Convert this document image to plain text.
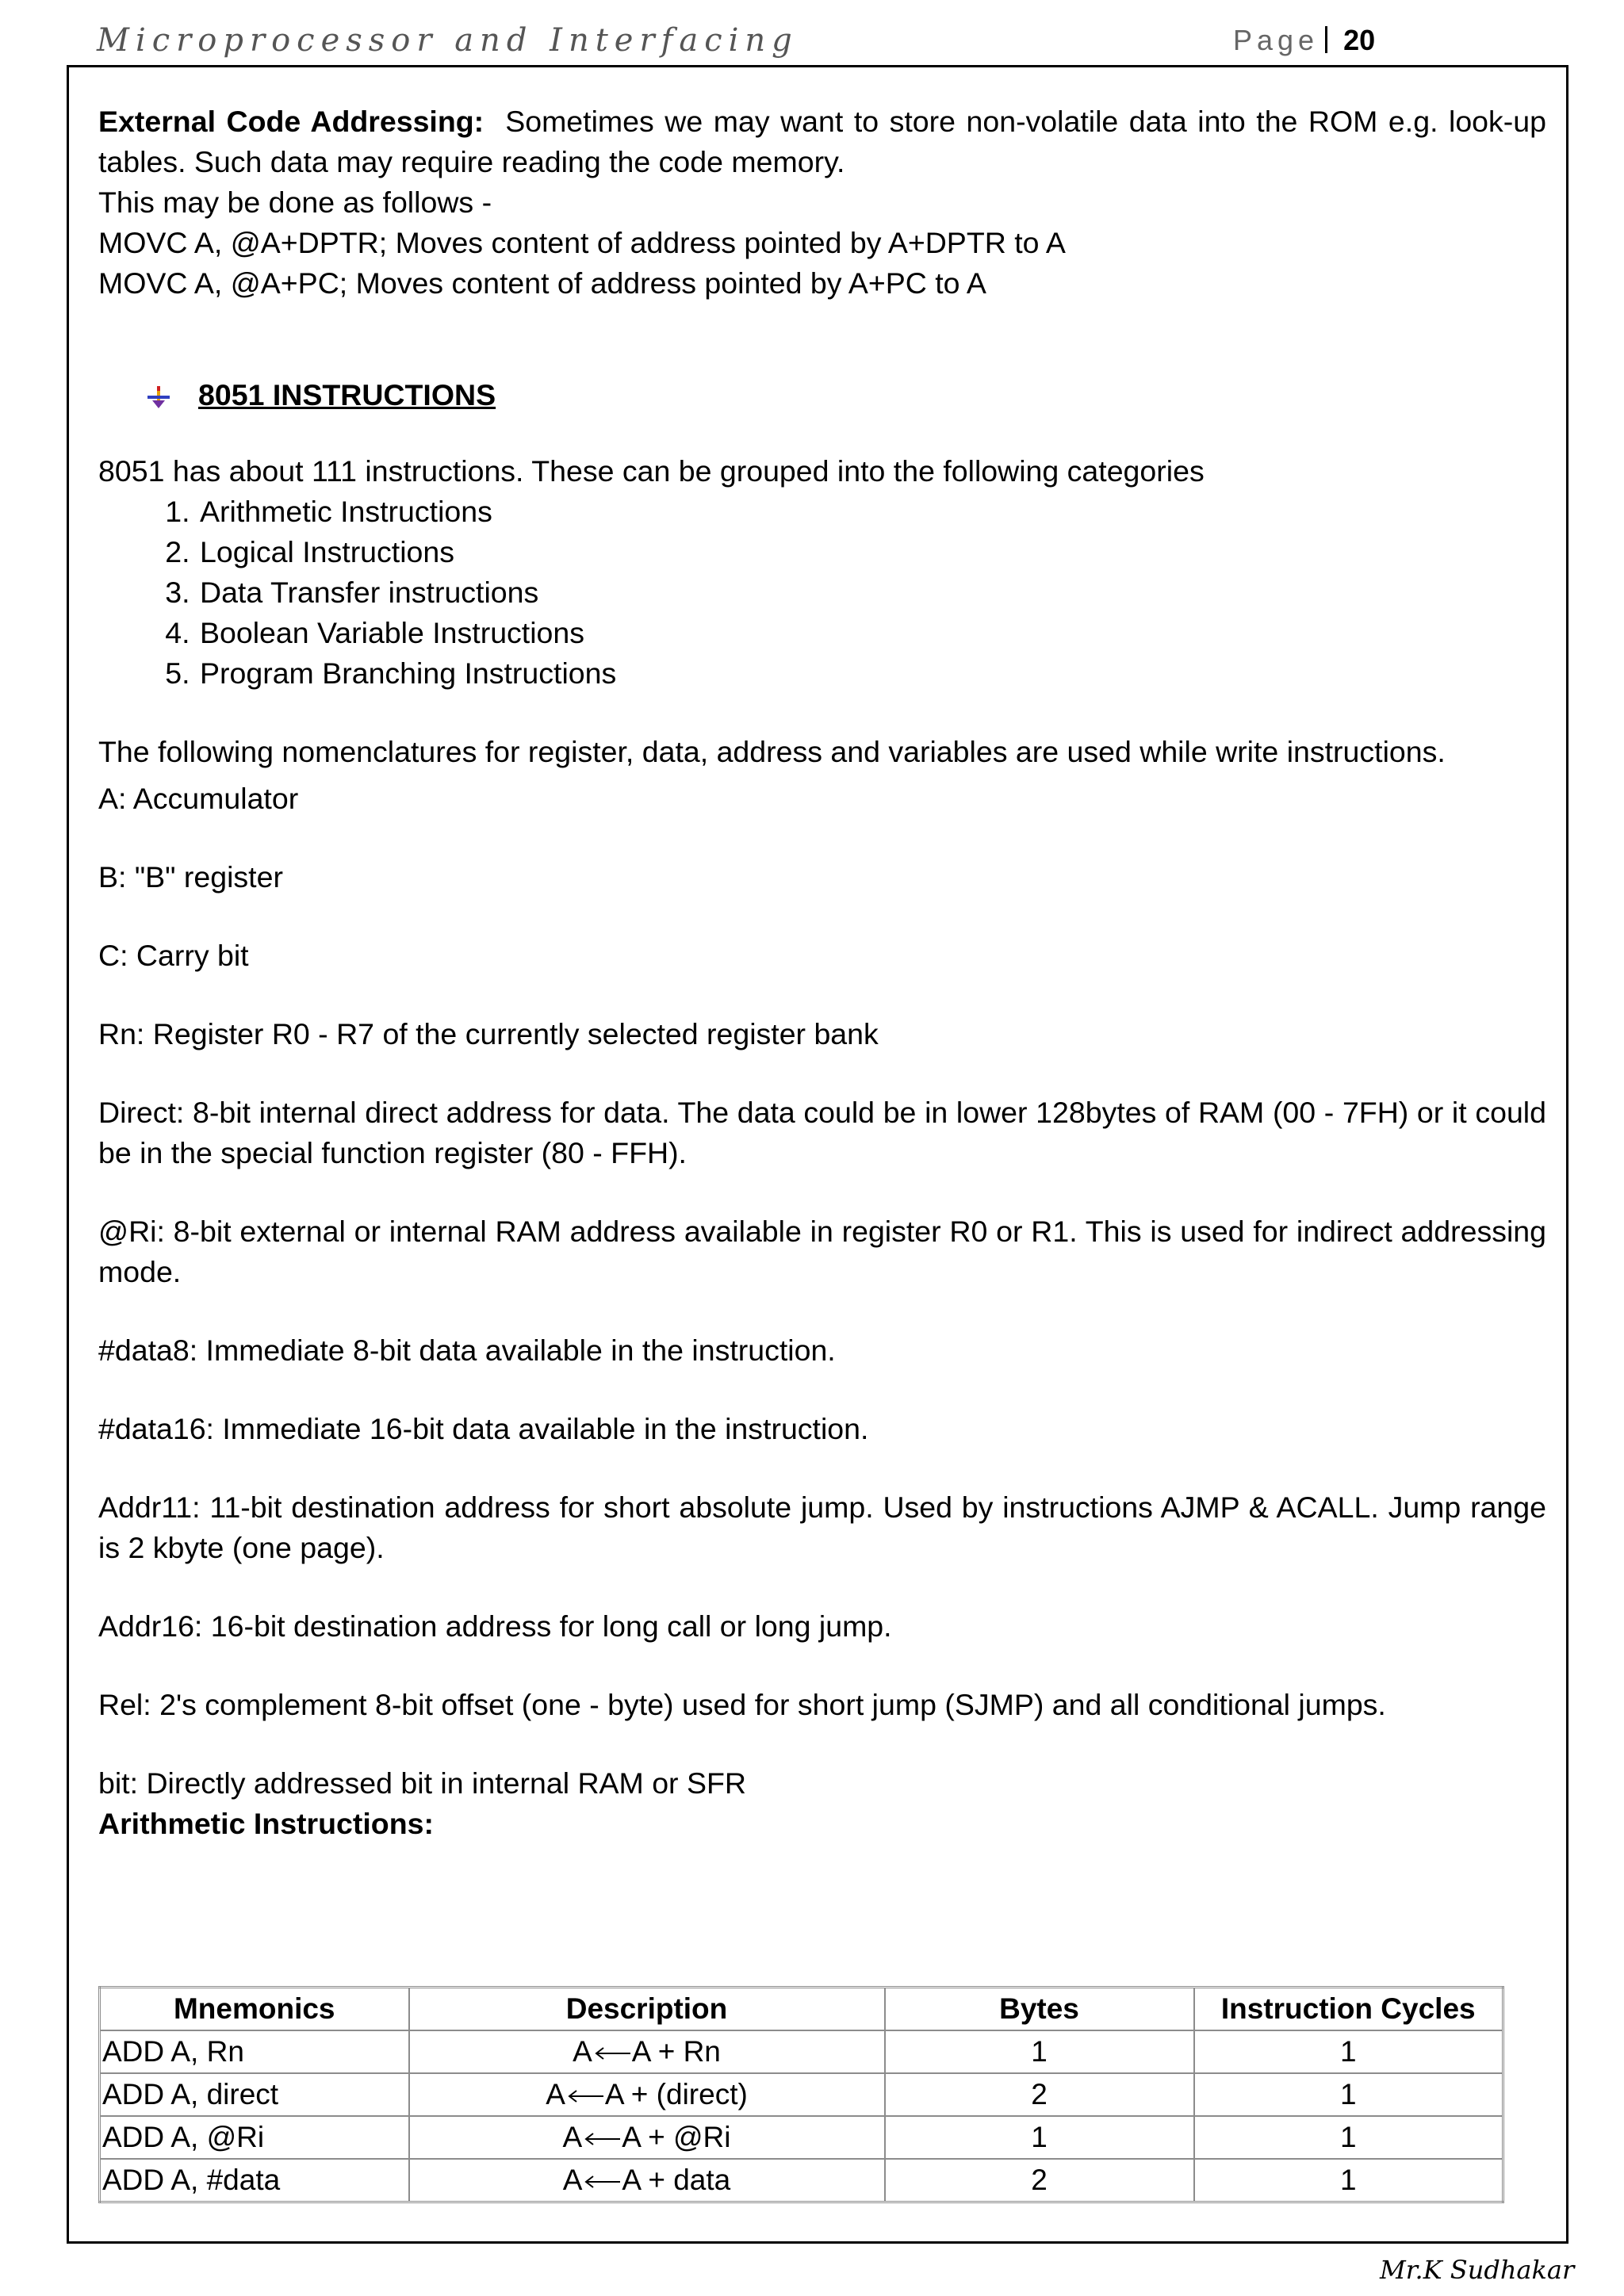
Microprocessor and Interfacing	Page 20

External Code Addressing: Sometimes we may want to store non-volatile data into the ROM e.g. look-up tables. Such data may require reading the code memory.

This may be done as follows -

MOVC A, @A+DPTR; Moves content of address pointed by A+DPTR to A

MOVC A, @A+PC; Moves content of address pointed by A+PC to A

8051 INSTRUCTIONS

8051 has about 111 instructions. These can be grouped into the following categories

1. Arithmetic Instructions
2. Logical Instructions
3. Data Transfer instructions
4. Boolean Variable Instructions
5. Program Branching Instructions

The following nomenclatures for register, data, address and variables are used while write instructions.

A: Accumulator

B: "B" register

C: Carry bit

Rn: Register R0 - R7 of the currently selected register bank

Direct: 8-bit internal direct address for data. The data could be in lower 128bytes of RAM (00 - 7FH) or it could be in the special function register (80 - FFH).

@Ri: 8-bit external or internal RAM address available in register R0 or R1. This is used for indirect addressing mode.

#data8: Immediate 8-bit data available in the instruction.

#data16: Immediate 16-bit data available in the instruction.

Addr11: 11-bit destination address for short absolute jump. Used by instructions AJMP & ACALL. Jump range is 2 kbyte (one page).

Addr16: 16-bit destination address for long call or long jump.

Rel: 2's complement 8-bit offset (one - byte) used for short jump (SJMP) and all conditional jumps.

bit: Directly addressed bit in internal RAM or SFR

Arithmetic Instructions:

Mnemonics	Description	Bytes	Instruction Cycles
ADD A, Rn	A A + Rn	1	1
ADD A, direct	A A + (direct)	2	1
ADD A, @Ri	A A + @Ri	1	1
ADD A, #data	A A + data	2	1
Mr.K Sudhakar
